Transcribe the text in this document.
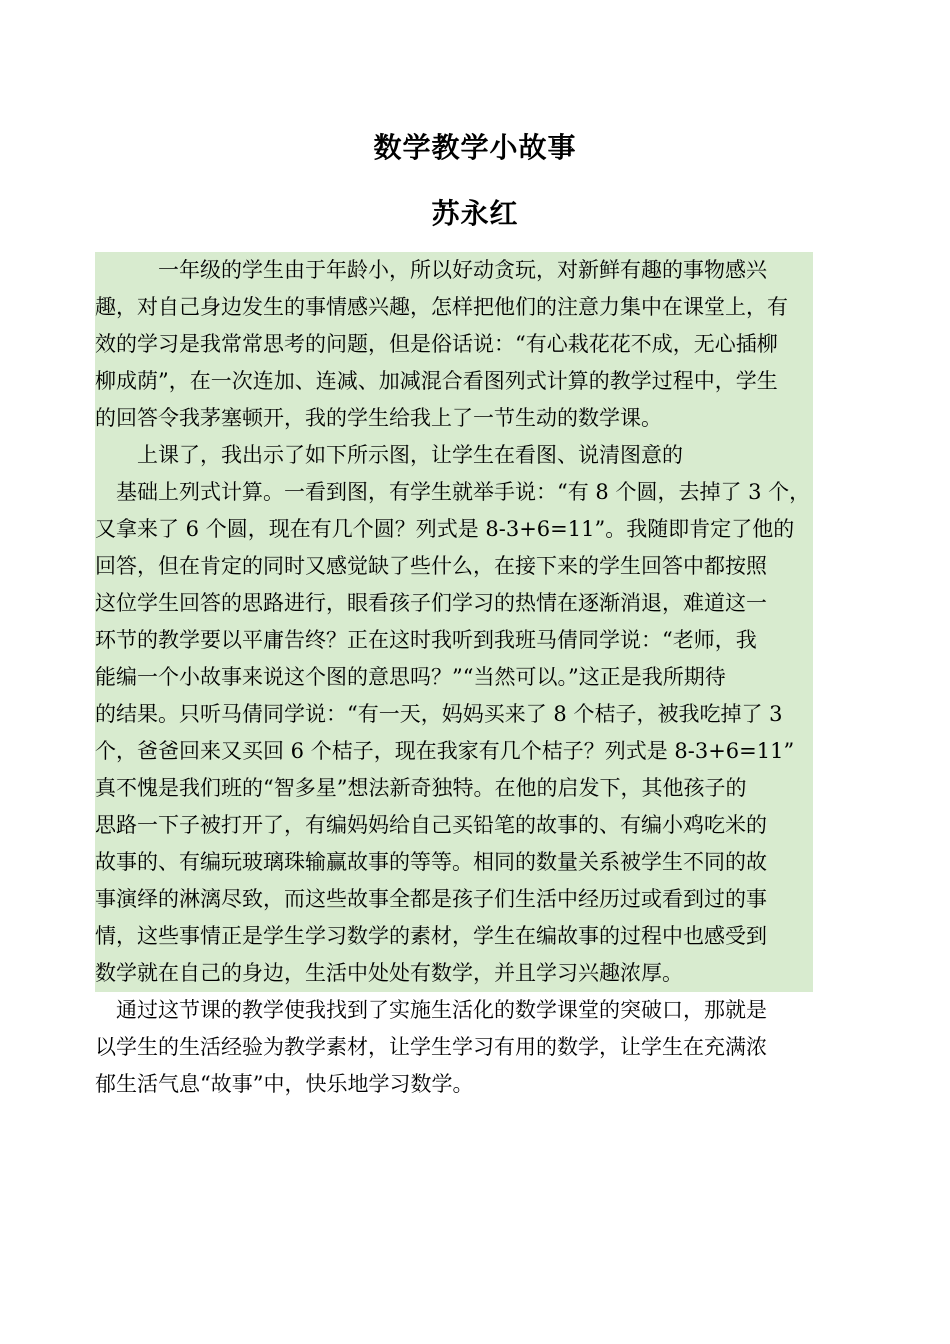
数学教学小故事
苏永红
　　　一年级的学生由于年龄小，所以好动贪玩，对新鲜有趣的事物感兴
趣，对自己身边发生的事情感兴趣，怎样把他们的注意力集中在课堂上，有
效的学习是我常常思考的问题，但是俗话说：“有心栽花花不成，无心插柳
柳成荫”，在一次连加、连减、加减混合看图列式计算的教学过程中，学生
的回答令我茅塞顿开，我的学生给我上了一节生动的数学课。
　　上课了，我出示了如下所示图，让学生在看图、说清图意的
　基础上列式计算。一看到图，有学生就举手说：“有 8 个圆，去掉了 3 个，
又拿来了 6 个圆，现在有几个圆？列式是 8-3+6=11”。我随即肯定了他的
回答，但在肯定的同时又感觉缺了些什么，在接下来的学生回答中都按照
这位学生回答的思路进行，眼看孩子们学习的热情在逐渐消退，难道这一
环节的教学要以平庸告终？正在这时我听到我班马倩同学说：“老师，我
能编一个小故事来说这个图的意思吗？”“当然可以。”这正是我所期待
的结果。只听马倩同学说：“有一天，妈妈买来了 8 个桔子，被我吃掉了 3
个，爸爸回来又买回 6 个桔子，现在我家有几个桔子？列式是 8-3+6=11”
真不愧是我们班的“智多星”想法新奇独特。在他的启发下，其他孩子的
思路一下子被打开了，有编妈妈给自己买铅笔的故事的、有编小鸡吃米的
故事的、有编玩玻璃珠输赢故事的等等。相同的数量关系被学生不同的故
事演绎的淋漓尽致，而这些故事全都是孩子们生活中经历过或看到过的事
情，这些事情正是学生学习数学的素材，学生在编故事的过程中也感受到
数学就在自己的身边，生活中处处有数学，并且学习兴趣浓厚。
　通过这节课的教学使我找到了实施生活化的数学课堂的突破口，那就是
以学生的生活经验为教学素材，让学生学习有用的数学，让学生在充满浓
郁生活气息“故事”中，快乐地学习数学。
